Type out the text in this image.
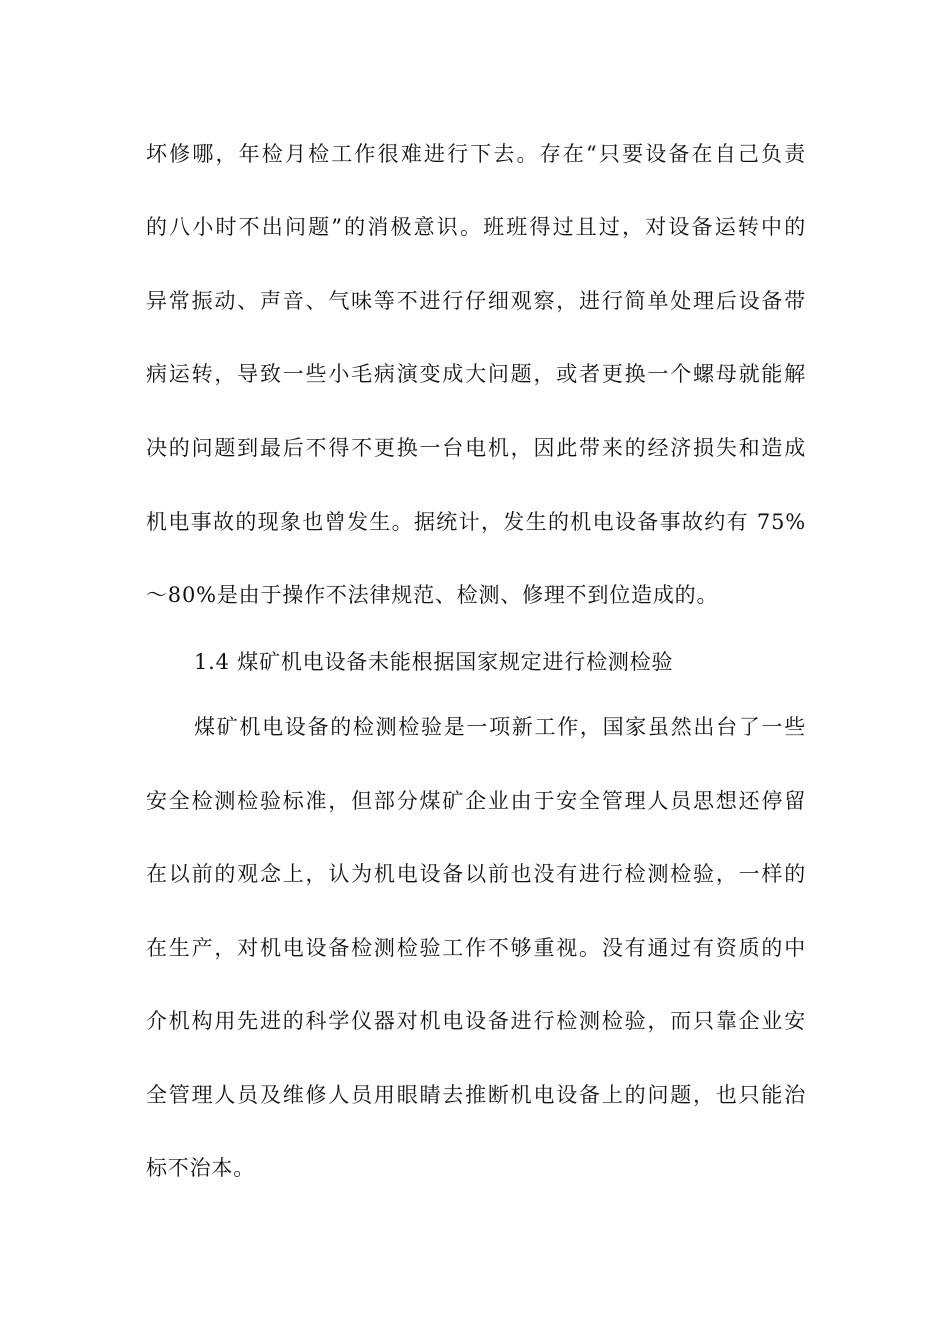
坏修哪，年检月检工作很难进行下去。存在“只要设备在自己负责
的八小时不出问题”的消极意识。班班得过且过，对设备运转中的
异常振动、声音、气味等不进行仔细观察，进行简单处理后设备带
病运转，导致一些小毛病演变成大问题，或者更换一个螺母就能解
决的问题到最后不得不更换一台电机，因此带来的经济损失和造成
机电事故的现象也曾发生。据统计，发生的机电设备事故约有 75%
～80%是由于操作不法律规范、检测、修理不到位造成的。
1.4 煤矿机电设备未能根据国家规定进行检测检验
煤矿机电设备的检测检验是一项新工作，国家虽然出台了一些
安全检测检验标准，但部分煤矿企业由于安全管理人员思想还停留
在以前的观念上，认为机电设备以前也没有进行检测检验，一样的
在生产，对机电设备检测检验工作不够重视。没有通过有资质的中
介机构用先进的科学仪器对机电设备进行检测检验，而只靠企业安
全管理人员及维修人员用眼睛去推断机电设备上的问题，也只能治
标不治本。
